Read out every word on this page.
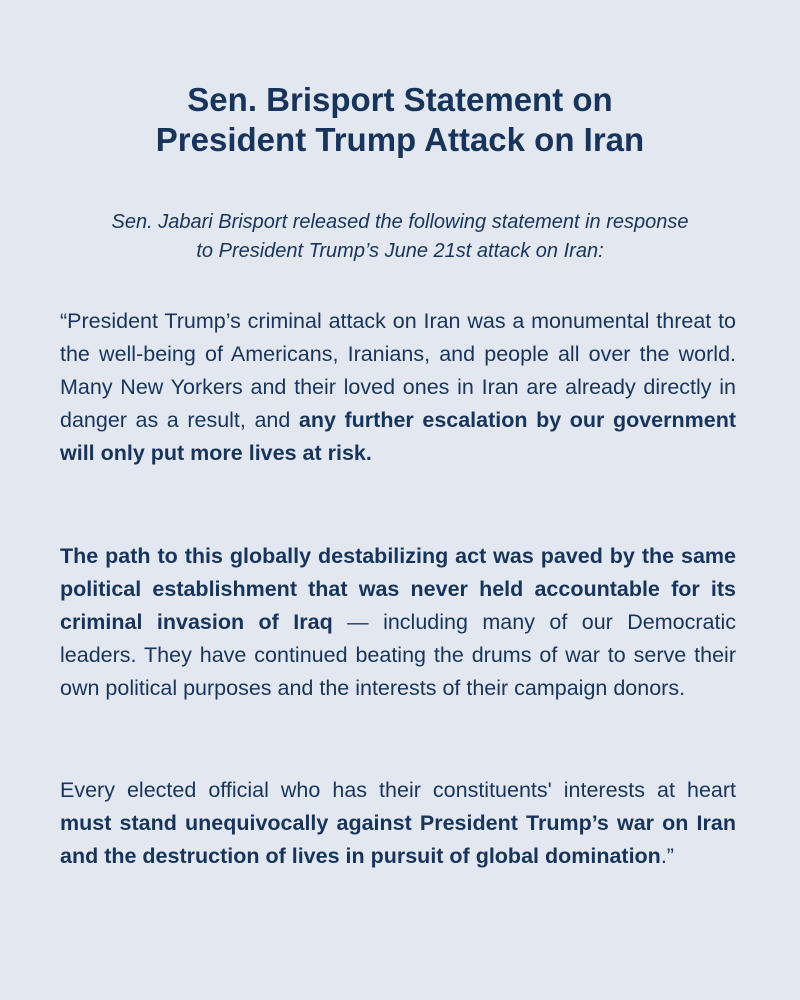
Sen. Brisport Statement on
President Trump Attack on Iran

Sen. Jabari Brisport released the following statement in response
to President Trump’s June 21st attack on Iran:

“President Trump’s criminal attack on Iran was a monumental threat to the well-being of Americans, Iranians, and people all over the world. Many New Yorkers and their loved ones in Iran are already directly in danger as a result, and any further escalation by our government will only put more lives at risk.

The path to this globally destabilizing act was paved by the same political establishment that was never held accountable for its criminal invasion of Iraq — including many of our Democratic leaders. They have continued beating the drums of war to serve their own political purposes and the interests of their campaign donors.

Every elected official who has their constituents' interests at heart must stand unequivocally against President Trump’s war on Iran and the destruction of lives in pursuit of global domination.”
